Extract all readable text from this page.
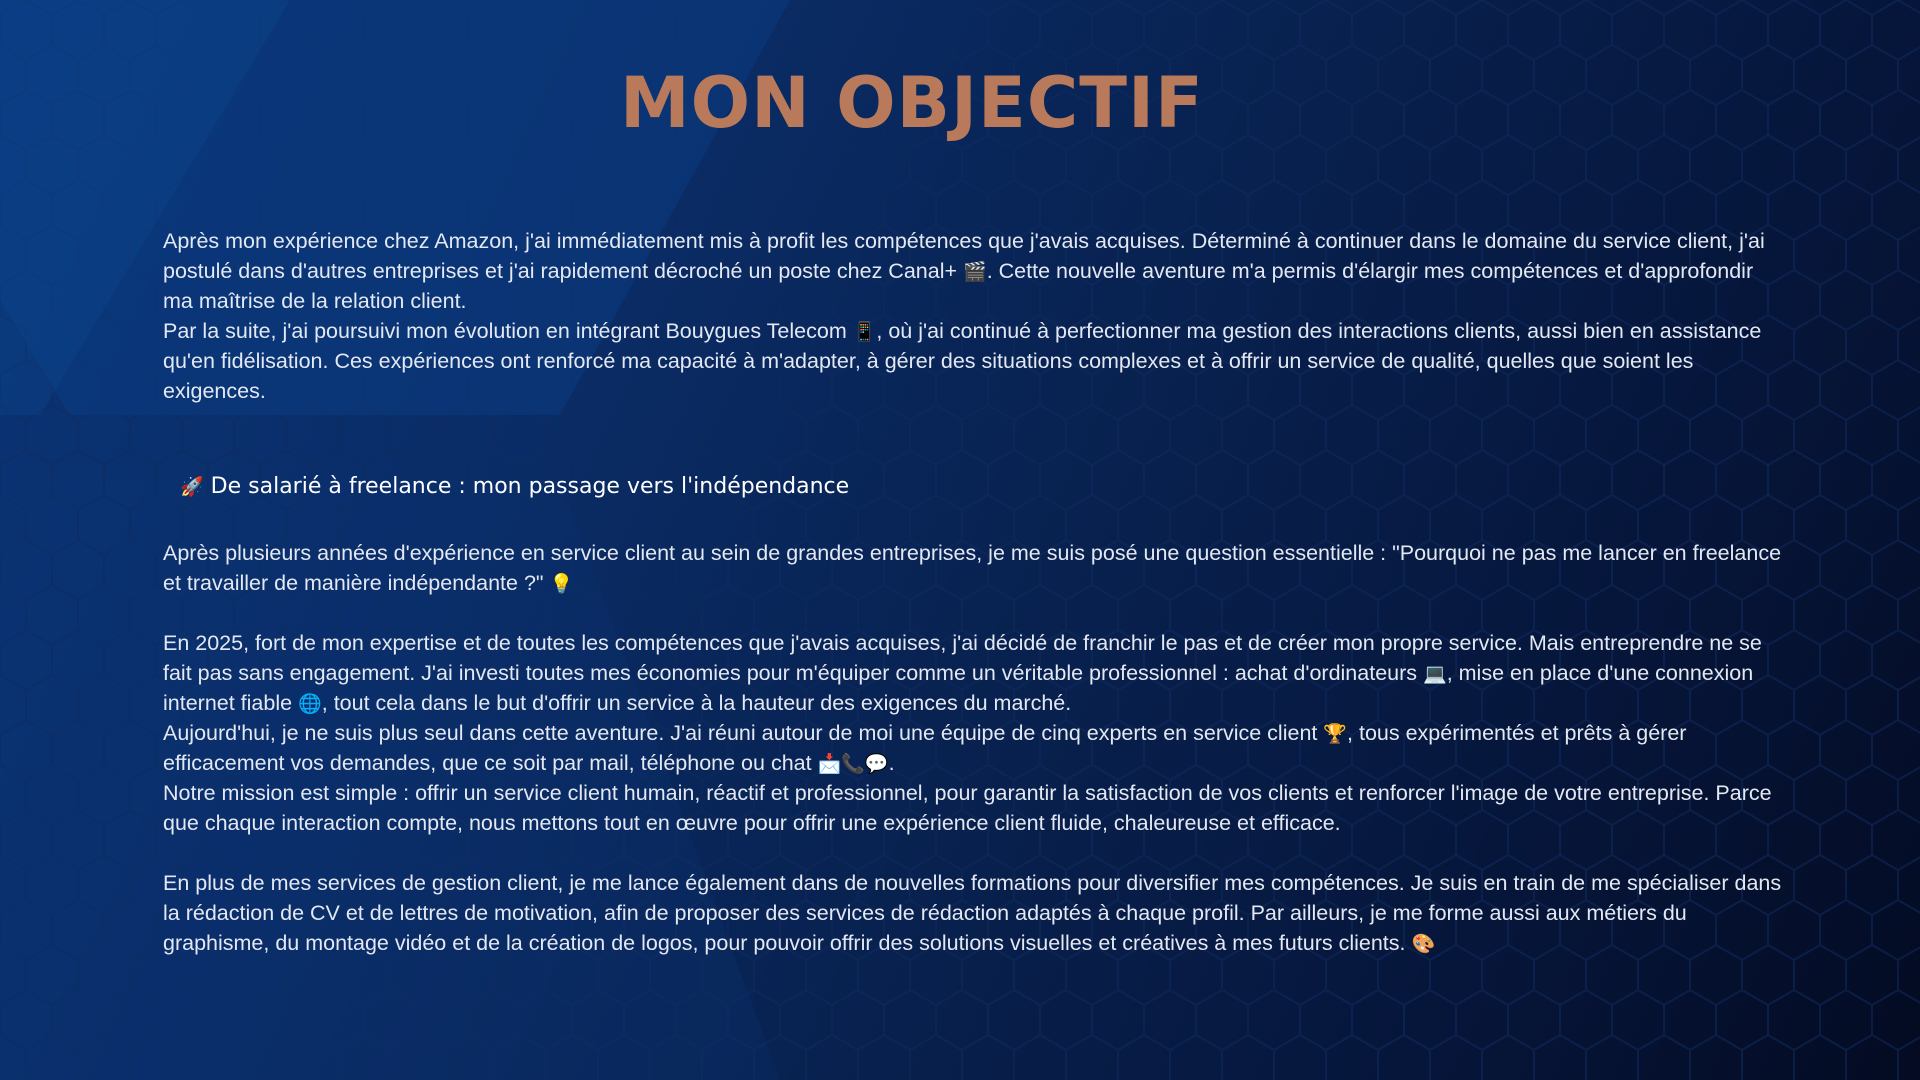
MON OBJECTIF

Après mon expérience chez Amazon, j'ai immédiatement mis à profit les compétences que j'avais acquises. Déterminé à continuer dans le domaine du service client, j'ai postulé dans d'autres entreprises et j'ai rapidement décroché un poste chez Canal+ 🎬. Cette nouvelle aventure m'a permis d'élargir mes compétences et d'approfondir ma maîtrise de la relation client.

Par la suite, j'ai poursuivi mon évolution en intégrant Bouygues Telecom 📱, où j'ai continué à perfectionner ma gestion des interactions clients, aussi bien en assistance qu'en fidélisation. Ces expériences ont renforcé ma capacité à m'adapter, à gérer des situations complexes et à offrir un service de qualité, quelles que soient les exigences.

🚀 De salarié à freelance : mon passage vers l'indépendance

Après plusieurs années d'expérience en service client au sein de grandes entreprises, je me suis posé une question essentielle : "Pourquoi ne pas me lancer en freelance et travailler de manière indépendante ?" 💡

En 2025, fort de mon expertise et de toutes les compétences que j'avais acquises, j'ai décidé de franchir le pas et de créer mon propre service. Mais entreprendre ne se fait pas sans engagement. J'ai investi toutes mes économies pour m'équiper comme un véritable professionnel : achat d'ordinateurs 💻, mise en place d'une connexion internet fiable 🌐, tout cela dans le but d'offrir un service à la hauteur des exigences du marché.

Aujourd'hui, je ne suis plus seul dans cette aventure. J'ai réuni autour de moi une équipe de cinq experts en service client 🏆, tous expérimentés et prêts à gérer efficacement vos demandes, que ce soit par mail, téléphone ou chat 📩📞💬.

Notre mission est simple : offrir un service client humain, réactif et professionnel, pour garantir la satisfaction de vos clients et renforcer l'image de votre entreprise. Parce que chaque interaction compte, nous mettons tout en œuvre pour offrir une expérience client fluide, chaleureuse et efficace.

En plus de mes services de gestion client, je me lance également dans de nouvelles formations pour diversifier mes compétences. Je suis en train de me spécialiser dans la rédaction de CV et de lettres de motivation, afin de proposer des services de rédaction adaptés à chaque profil. Par ailleurs, je me forme aussi aux métiers du graphisme, du montage vidéo et de la création de logos, pour pouvoir offrir des solutions visuelles et créatives à mes futurs clients. 🎨
